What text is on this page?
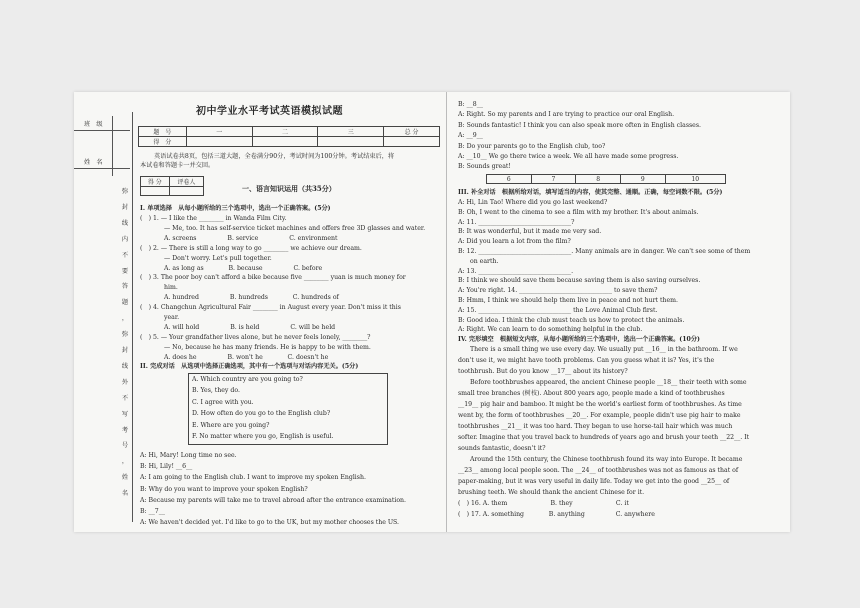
班　级
姓　名
弥
封
线
内
不
要
答
题
，
弥
封
线
外
不
写
考
号
，
姓
名
初中学业水平考试英语模拟试题
题　号	一	二	三	总 分
得　分				
英语试卷共8页，包括三道大题，全卷满分90分，考试时间为100分钟。考试结束后，将
本试卷和答题卡一并交回。
得 分	评卷人

一、语言知识运用（共35分）
I. 单项选择　从每小题所给的三个选项中，选出一个正确答案。(5分)
(　) 1. — I like the ________ in Wanda Film City.
— Me, too. It has self-service ticket machines and offers free 3D glasses and water.
A. screens　　　　　B. service　　　　　C. environment
(　) 2. — There is still a long way to go ________ we achieve our dream.
— Don't worry. Let's pull together.
A. as long as　　　　B. because　　　　　C. before
(　) 3. The poor boy can't afford a bike because five ________ yuan is much money for
him.
A. hundred　　　　　B. hundreds　　　　C. hundreds of
(　) 4. Changchun Agricultural Fair ________ in August every year. Don't miss it this
year.
A. will hold　　　　　B. is held　　　　　C. will be held
(　) 5. — Your grandfather lives alone, but he never feels lonely, ________?
— No, because he has many friends. He is happy to be with them.
A. does he　　　　　B. won't he　　　　C. doesn't he
II. 完成对话　从选项中选择正确选项，其中有一个选项与对话内容无关。(5分)
A. Which country are you going to?
B. Yes, they do.
C. I agree with you.
D. How often do you go to the English club?
E. Where are you going?
F. No matter where you go, English is useful.
A: Hi, Mary! Long time no see.
B: Hi, Lily! __6__
A: I am going to the English club. I want to improve my spoken English.
B: Why do you want to improve your spoken English?
A: Because my parents will take me to travel abroad after the entrance examination.
B: __7__
A: We haven't decided yet. I'd like to go to the UK, but my mother chooses the US.
B: __8__
A: Right. So my parents and I are trying to practice our oral English.
B: Sounds fantastic! I think you can also speak more often in English classes.
A: __9__
B: Do your parents go to the English club, too?
A: __10__ We go there twice a week. We all have made some progress.
B: Sounds great!
6	7	8	9	10
III. 补全对话　根据所给对话，填写适当的内容，使其完整、通顺。正确，每空词数不限。(5分)
A: Hi, Lin Tao! Where did you go last weekend?
B: Oh, I went to the cinema to see a film with my brother. It's about animals.
A: 11. ______________________________?
B: It was wonderful, but it made me very sad.
A: Did you learn a lot from the film?
B: 12. ______________________________. Many animals are in danger. We can't see some of them
on earth.
A: 13. ______________________________.
B: I think we should save them because saving them is also saving ourselves.
A: You're right. 14. ______________________________ to save them?
B: Hmm, I think we should help them live in peace and not hurt them.
A: 15. ______________________________ the Love Animal Club first.
B: Good idea. I think the club must teach us how to protect the animals.
A: Right. We can learn to do something helpful in the club.
IV. 完形填空　根据短文内容，从每小题所给的三个选项中，选出一个正确答案。(10分)
There is a small thing we use every day. We usually put __16__ in the bathroom. If we
don't use it, we might have tooth problems. Can you guess what it is? Yes, it's the
toothbrush. But do you know __17__ about its history?
Before toothbrushes appeared, the ancient Chinese people __18__ their teeth with some
small tree branches (树枝). About 800 years ago, people made a kind of toothbrushes
__19__ pig hair and bamboo. It might be the world's earliest form of toothbrushes. As time
went by, the form of toothbrushes __20__. For example, people didn't use pig hair to make
toothbrushes __21__ it was too hard. They began to use horse-tail hair which was much
softer. Imagine that you travel back to hundreds of years ago and brush your teeth __22__. It
sounds fantastic, doesn't it?
Around the 15th century, the Chinese toothbrush found its way into Europe. It became
__23__ among local people soon. The __24__ of toothbrushes was not as famous as that of
paper-making, but it was very useful in daily life. Today we get into the good __25__ of
brushing teeth. We should thank the ancient Chinese for it.
(　) 16. A. them　　　　　　　B. they　　　　　　　C. it
(　) 17. A. something　　　　B. anything　　　　　C. anywhere
